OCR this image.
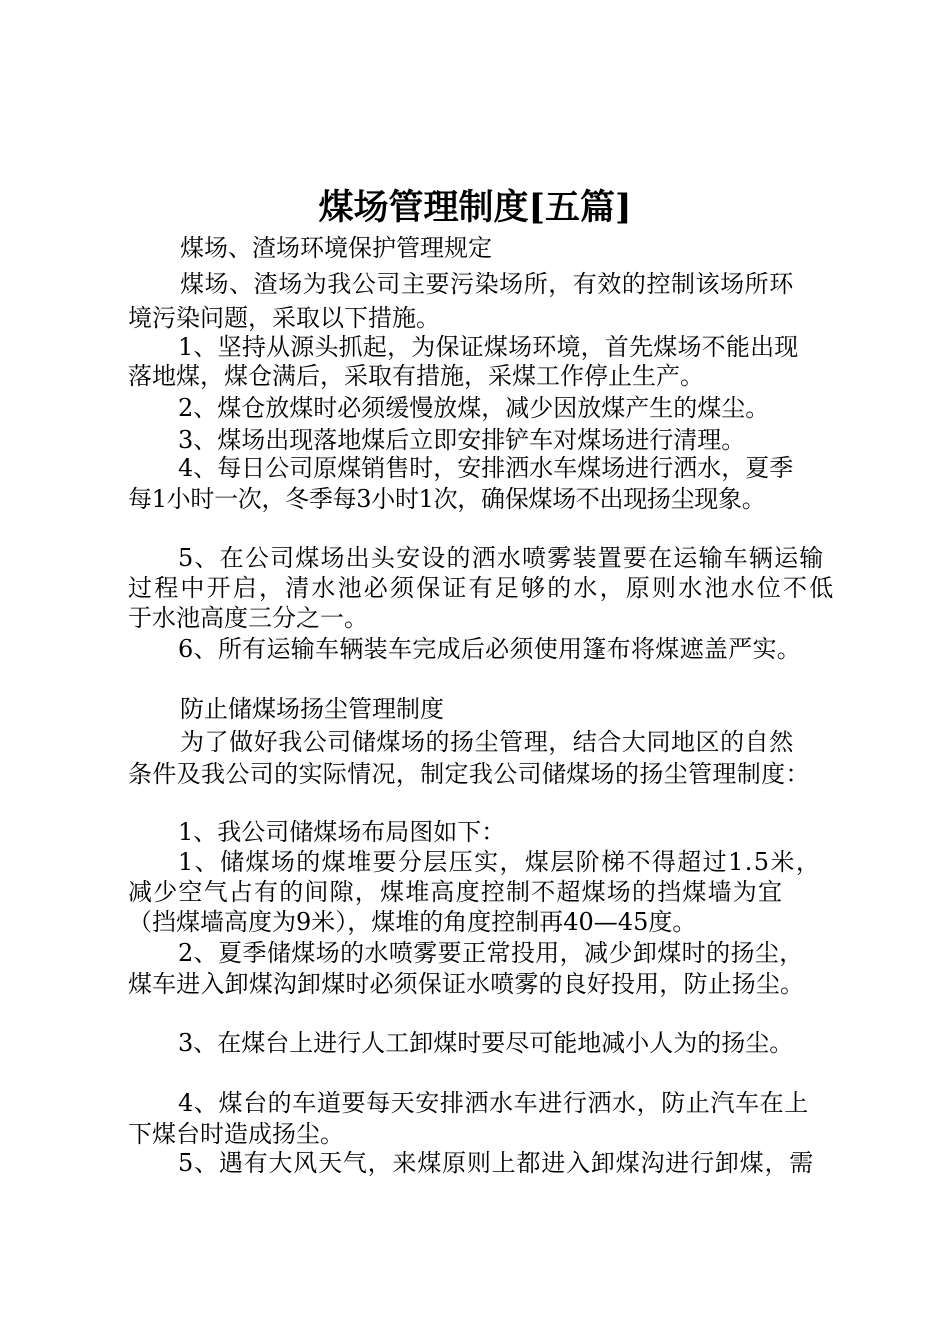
煤场管理制度[五篇]
煤场、渣场环境保护管理规定
煤场、渣场为我公司主要污染场所，有效的控制该场所环
境污染问题，采取以下措施。
1、坚持从源头抓起，为保证煤场环境，首先煤场不能出现
落地煤，煤仓满后，采取有措施，采煤工作停止生产。
2、煤仓放煤时必须缓慢放煤，减少因放煤产生的煤尘。
3、煤场出现落地煤后立即安排铲车对煤场进行清理。
4、每日公司原煤销售时，安排洒水车煤场进行洒水，夏季
每1小时一次，冬季每3小时1次，确保煤场不出现扬尘现象。
5、在公司煤场出头安设的洒水喷雾装置要在运输车辆运输
过程中开启，清水池必须保证有足够的水，原则水池水位不低
于水池高度三分之一。
6、所有运输车辆装车完成后必须使用篷布将煤遮盖严实。
防止储煤场扬尘管理制度
为了做好我公司储煤场的扬尘管理，结合大同地区的自然
条件及我公司的实际情况，制定我公司储煤场的扬尘管理制度：
1、我公司储煤场布局图如下：
1、储煤场的煤堆要分层压实，煤层阶梯不得超过1.5米，
减少空气占有的间隙，煤堆高度控制不超煤场的挡煤墙为宜
（挡煤墙高度为9米），煤堆的角度控制再40—45度。
2、夏季储煤场的水喷雾要正常投用，减少卸煤时的扬尘，
煤车进入卸煤沟卸煤时必须保证水喷雾的良好投用，防止扬尘。
3、在煤台上进行人工卸煤时要尽可能地减小人为的扬尘。
4、煤台的车道要每天安排洒水车进行洒水，防止汽车在上
下煤台时造成扬尘。
5、遇有大风天气，来煤原则上都进入卸煤沟进行卸煤，需
